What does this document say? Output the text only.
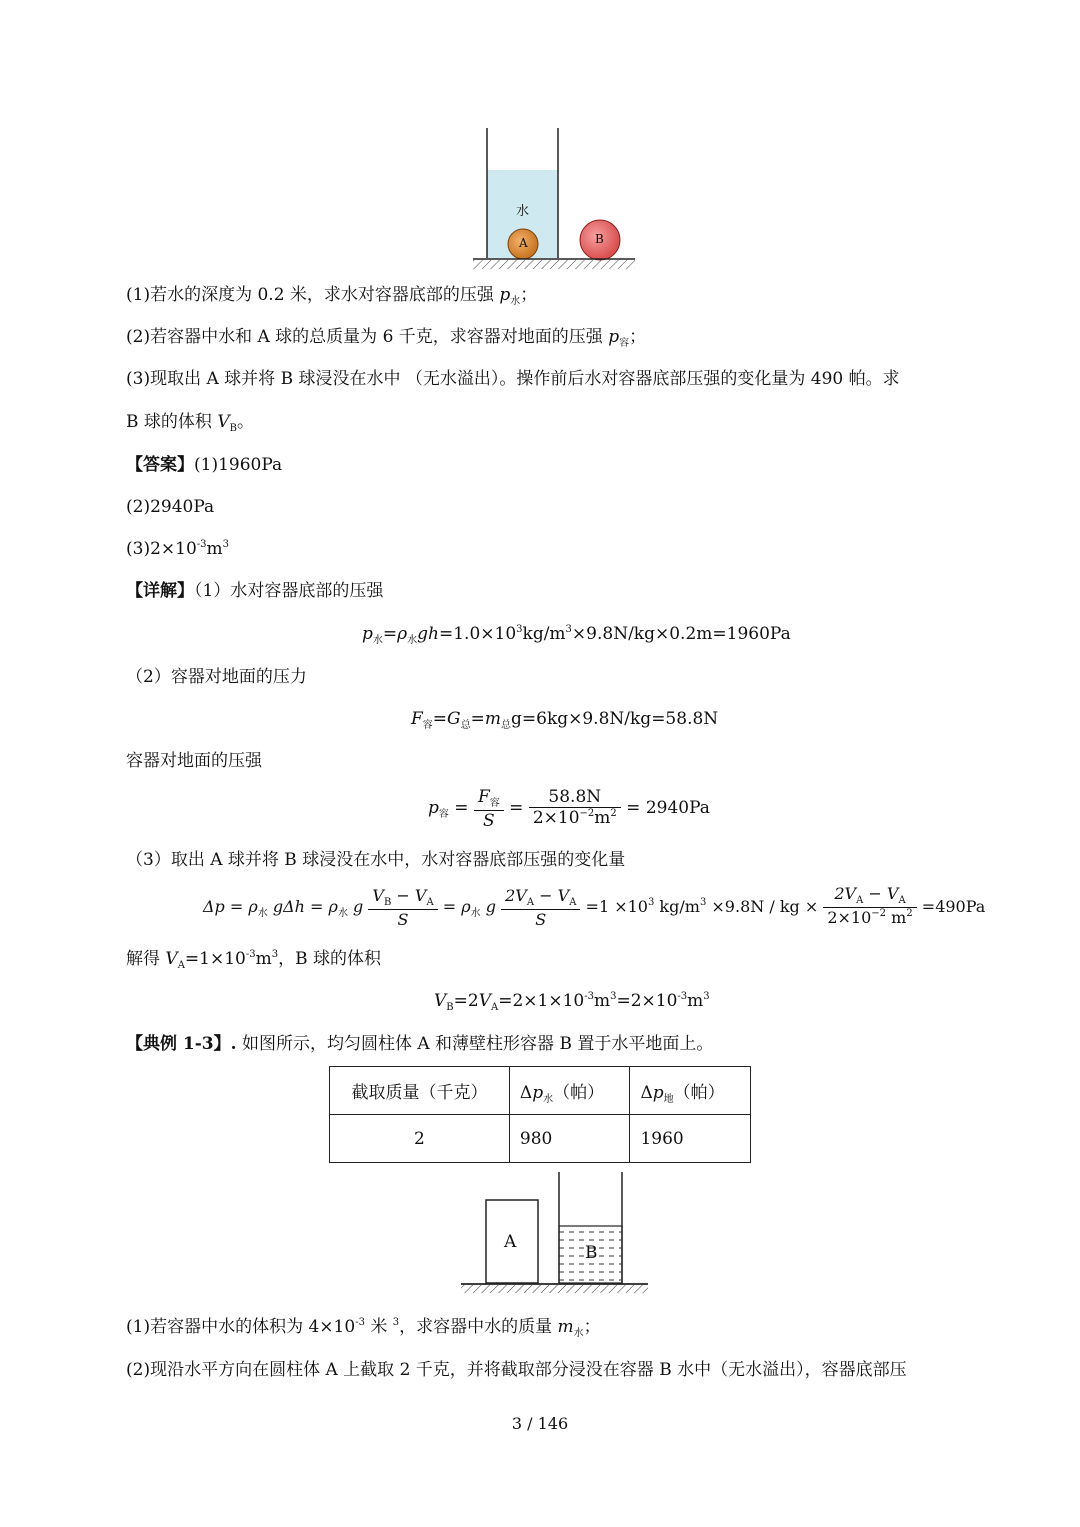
水
A	B
(1)若水的深度为 0.2 米，求水对容器底部的压强 $p_水$；
(2)若容器中水和 A 球的总质量为 6 千克，求容器对地面的压强 $p_容$；
(3)现取出 A 球并将 B 球浸没在水中 （无水溢出）。操作前后水对容器底部压强的变化量为 490 帕。求
B 球的体积 $V_B$。
【答案】(1)1960Pa
(2)2940Pa
$(3)2\times 10^{-3}m^3$
【详解】（1）水对容器底部的压强
$p_水=\rho_水gh=1.0\times 10^3kg/m^3\times 9.8N/kg\times 0.2m=1960Pa$
（2）容器对地面的压力
$F_容=G_总=m_总g=6kg\times 9.8N/kg=58.8N$
容器对地面的压强
$p_容 = \frac{F_容}{S} = \frac{58.8N}{2\times 10^{-2}m^2} = 2940Pa$
（3）取出 A 球并将 B 球浸没在水中，水对容器底部压强的变化量
$\Delta p = \rho_水$ $g\Delta h = \rho_水$ g $\frac{V_B - V_A}{S} = \rho_水$ g $\frac{2V_A - V_A}{S} =1 \times 10^3$ $kg/m^3 \times 9.8N$ / kg × $\frac{2V_A - V_A}{2\times 10^{-2} m^2} =490Pa$
解得 $V_A=1\times 10^{-3}m^3$，B 球的体积
$V_B=2V_A=2\times 1\times 10^{-3}m^3=2\times 10^{-3}m^3$
【典例 1-3】. 如图所示，均匀圆柱体 A 和薄壁柱形容器 B 置于水平地面上。
截取质量（千克）	$\Delta p_水$（帕）	$\Delta p_地$（帕）
2	980	1960
A
B
(1)若容器中水的体积为 $4\times 10^{-3}$ 米 $^3$，求容器中水的质量 $m_水$；
(2)现沿水平方向在圆柱体 A 上截取 2 千克，并将截取部分浸没在容器 B 水中（无水溢出），容器底部压
3 / 146
